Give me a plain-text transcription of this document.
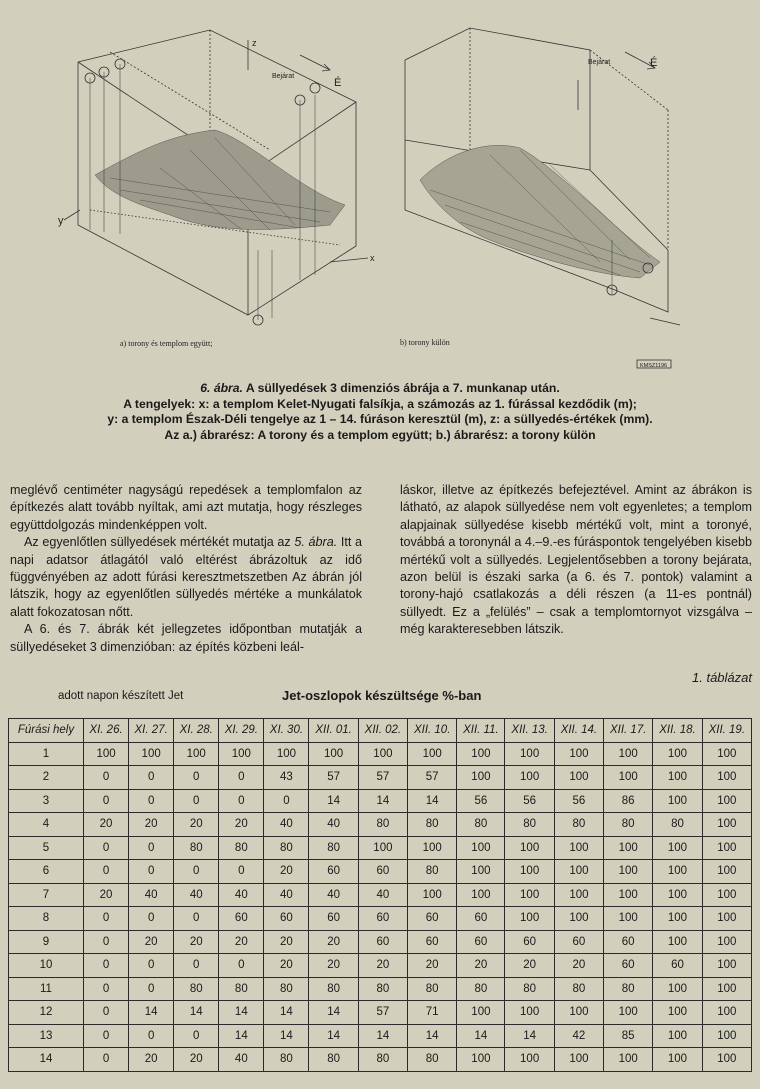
a) torony és templom együtt;	b) torony külön
Bejárat
Bejárat
É
É
z
x
y
KMSZ1196
6. ábra. A süllyedések 3 dimenziós ábrája a 7. munkanap után.
A tengelyek: x: a templom Kelet-Nyugati falsíkja, a számozás az 1. fúrással kezdődik (m);
y: a templom Észak-Déli tengelye az 1 – 14. fúráson keresztül (m), z: a süllyedés-értékek (mm).
Az a.) ábrarész: A torony és a templom együtt; b.) ábrarész: a torony külön

meglévő centiméter nagyságú repedések a templomfalon az építkezés alatt tovább nyíltak, ami azt mutatja, hogy részleges együttdolgozás mindenképpen volt.

Az egyenlőtlen süllyedések mértékét mutatja az 5. ábra. Itt a napi adatsor átlagától való eltérést ábrázoltuk az idő függvényében az adott fúrási keresztmetszetben Az ábrán jól látszik, hogy az egyenlőtlen süllyedés mértéke a munkálatok alatt fokozatosan nőtt.

A 6. és 7. ábrák két jellegzetes időpontban mutatják a süllyedéseket 3 dimenzióban: az építés közbeni leál-

láskor, illetve az építkezés befejeztével. Amint az ábrákon is látható, az alapok süllyedése nem volt egyenletes; a templom alapjainak süllyedése kisebb mértékű volt, mint a toronyé, továbbá a toronynál a 4.–9.-es fúráspontok tengelyében kisebb mértékű volt a süllyedés. Legjelentősebben a torony bejárata, azon belül is északi sarka (a 6. és 7. pontok) valamint a torony-hajó csatlakozás a déli részen (a 11-es pontnál) süllyedt. Ez a „felülés” – csak a templomtornyot vizsgálva – még karakteresebben látszik.

1. táblázat
adott napon készített Jet	Jet-oszlopok készültsége %-ban
Fúrási hely	XI. 26.	XI. 27.	XI. 28.	XI. 29.	XI. 30.	XII. 01.	XII. 02.	XII. 10.	XII. 11.	XII. 13.	XII. 14.	XII. 17.	XII. 18.	XII. 19.
1	100	100	100	100	100	100	100	100	100	100	100	100	100	100
2	0	0	0	0	43	57	57	57	100	100	100	100	100	100
3	0	0	0	0	0	14	14	14	56	56	56	86	100	100
4	20	20	20	20	40	40	80	80	80	80	80	80	80	100
5	0	0	80	80	80	80	100	100	100	100	100	100	100	100
6	0	0	0	0	20	60	60	80	100	100	100	100	100	100
7	20	40	40	40	40	40	40	100	100	100	100	100	100	100
8	0	0	0	60	60	60	60	60	60	100	100	100	100	100
9	0	20	20	20	20	20	60	60	60	60	60	60	100	100
10	0	0	0	0	20	20	20	20	20	20	20	60	60	100
11	0	0	80	80	80	80	80	80	80	80	80	80	100	100
12	0	14	14	14	14	14	57	71	100	100	100	100	100	100
13	0	0	0	14	14	14	14	14	14	14	42	85	100	100
14	0	20	20	40	80	80	80	80	100	100	100	100	100	100
